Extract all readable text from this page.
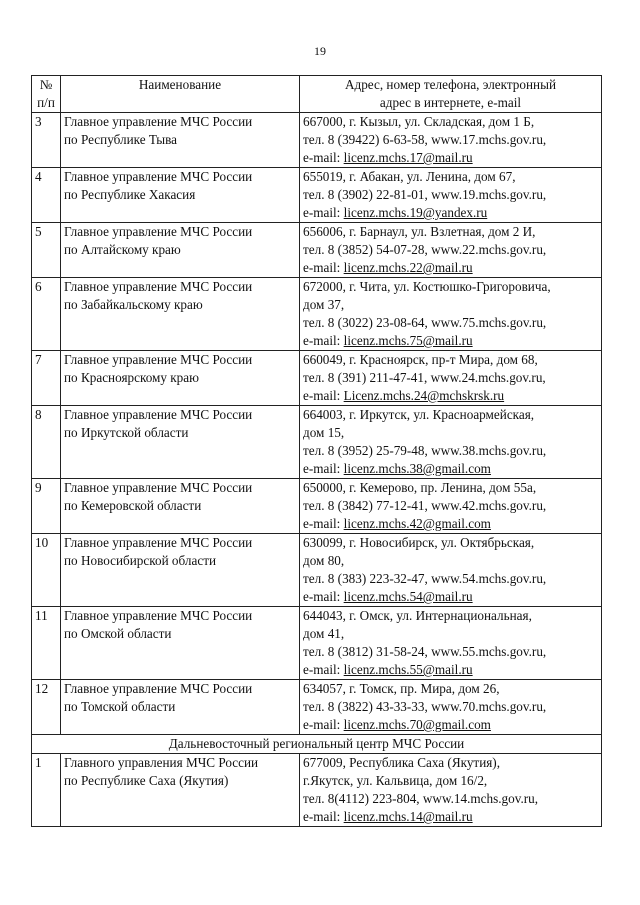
19
№
п/п	Наименование	Адрес, номер телефона, электронный
адрес в интернете, e-mail

3	Главное управление МЧС России
по Республике Тыва	667000, г. Кызыл, ул. Складская, дом 1 Б,
тел. 8 (39422) 6-63-58, www.17.mchs.gov.ru,
e-mail: licenz.mchs.17@mail.ru

4	Главное управление МЧС России
по Республике Хакасия	655019, г. Абакан, ул. Ленина, дом 67,
тел. 8 (3902) 22-81-01, www.19.mchs.gov.ru,
e-mail: licenz.mchs.19@yandex.ru

5	Главное управление МЧС России
по Алтайскому краю	656006, г. Барнаул, ул. Взлетная, дом 2 И,
тел. 8 (3852) 54-07-28, www.22.mchs.gov.ru,
e-mail: licenz.mchs.22@mail.ru

6	Главное управление МЧС России
по Забайкальскому краю	672000, г. Чита, ул. Костюшко-Григоровича,
дом 37,
тел. 8 (3022) 23-08-64, www.75.mchs.gov.ru,
e-mail: licenz.mchs.75@mail.ru

7	Главное управление МЧС России
по Красноярскому краю	660049, г. Красноярск, пр-т Мира, дом 68,
тел. 8 (391) 211-47-41, www.24.mchs.gov.ru,
e-mail: Licenz.mchs.24@mchskrsk.ru

8	Главное управление МЧС России
по Иркутской области	664003, г. Иркутск, ул. Красноармейская,
дом 15,
тел. 8 (3952) 25-79-48, www.38.mchs.gov.ru,
e-mail: licenz.mchs.38@gmail.com

9	Главное управление МЧС России
по Кемеровской области	650000, г. Кемерово, пр. Ленина, дом 55а,
тел. 8 (3842) 77-12-41, www.42.mchs.gov.ru,
e-mail: licenz.mchs.42@gmail.com

10	Главное управление МЧС России
по Новосибирской области	630099, г. Новосибирск, ул. Октябрьская,
дом 80,
тел. 8 (383) 223-32-47, www.54.mchs.gov.ru,
e-mail: licenz.mchs.54@mail.ru

11	Главное управление МЧС России
по Омской области	644043, г. Омск, ул. Интернациональная,
дом 41,
тел. 8 (3812) 31-58-24, www.55.mchs.gov.ru,
e-mail: licenz.mchs.55@mail.ru

12	Главное управление МЧС России
по Томской области	634057, г. Томск, пр. Мира, дом 26,
тел. 8 (3822) 43-33-33, www.70.mchs.gov.ru,
e-mail: licenz.mchs.70@gmail.com

Дальневосточный региональный центр МЧС России		
1	Главного управления МЧС России
по Республике Саха (Якутия)	677009, Республика Саха (Якутия),
г.Якутск, ул. Кальвица, дом 16/2,
тел. 8(4112) 223-804, www.14.mchs.gov.ru,
e-mail: licenz.mchs.14@mail.ru
